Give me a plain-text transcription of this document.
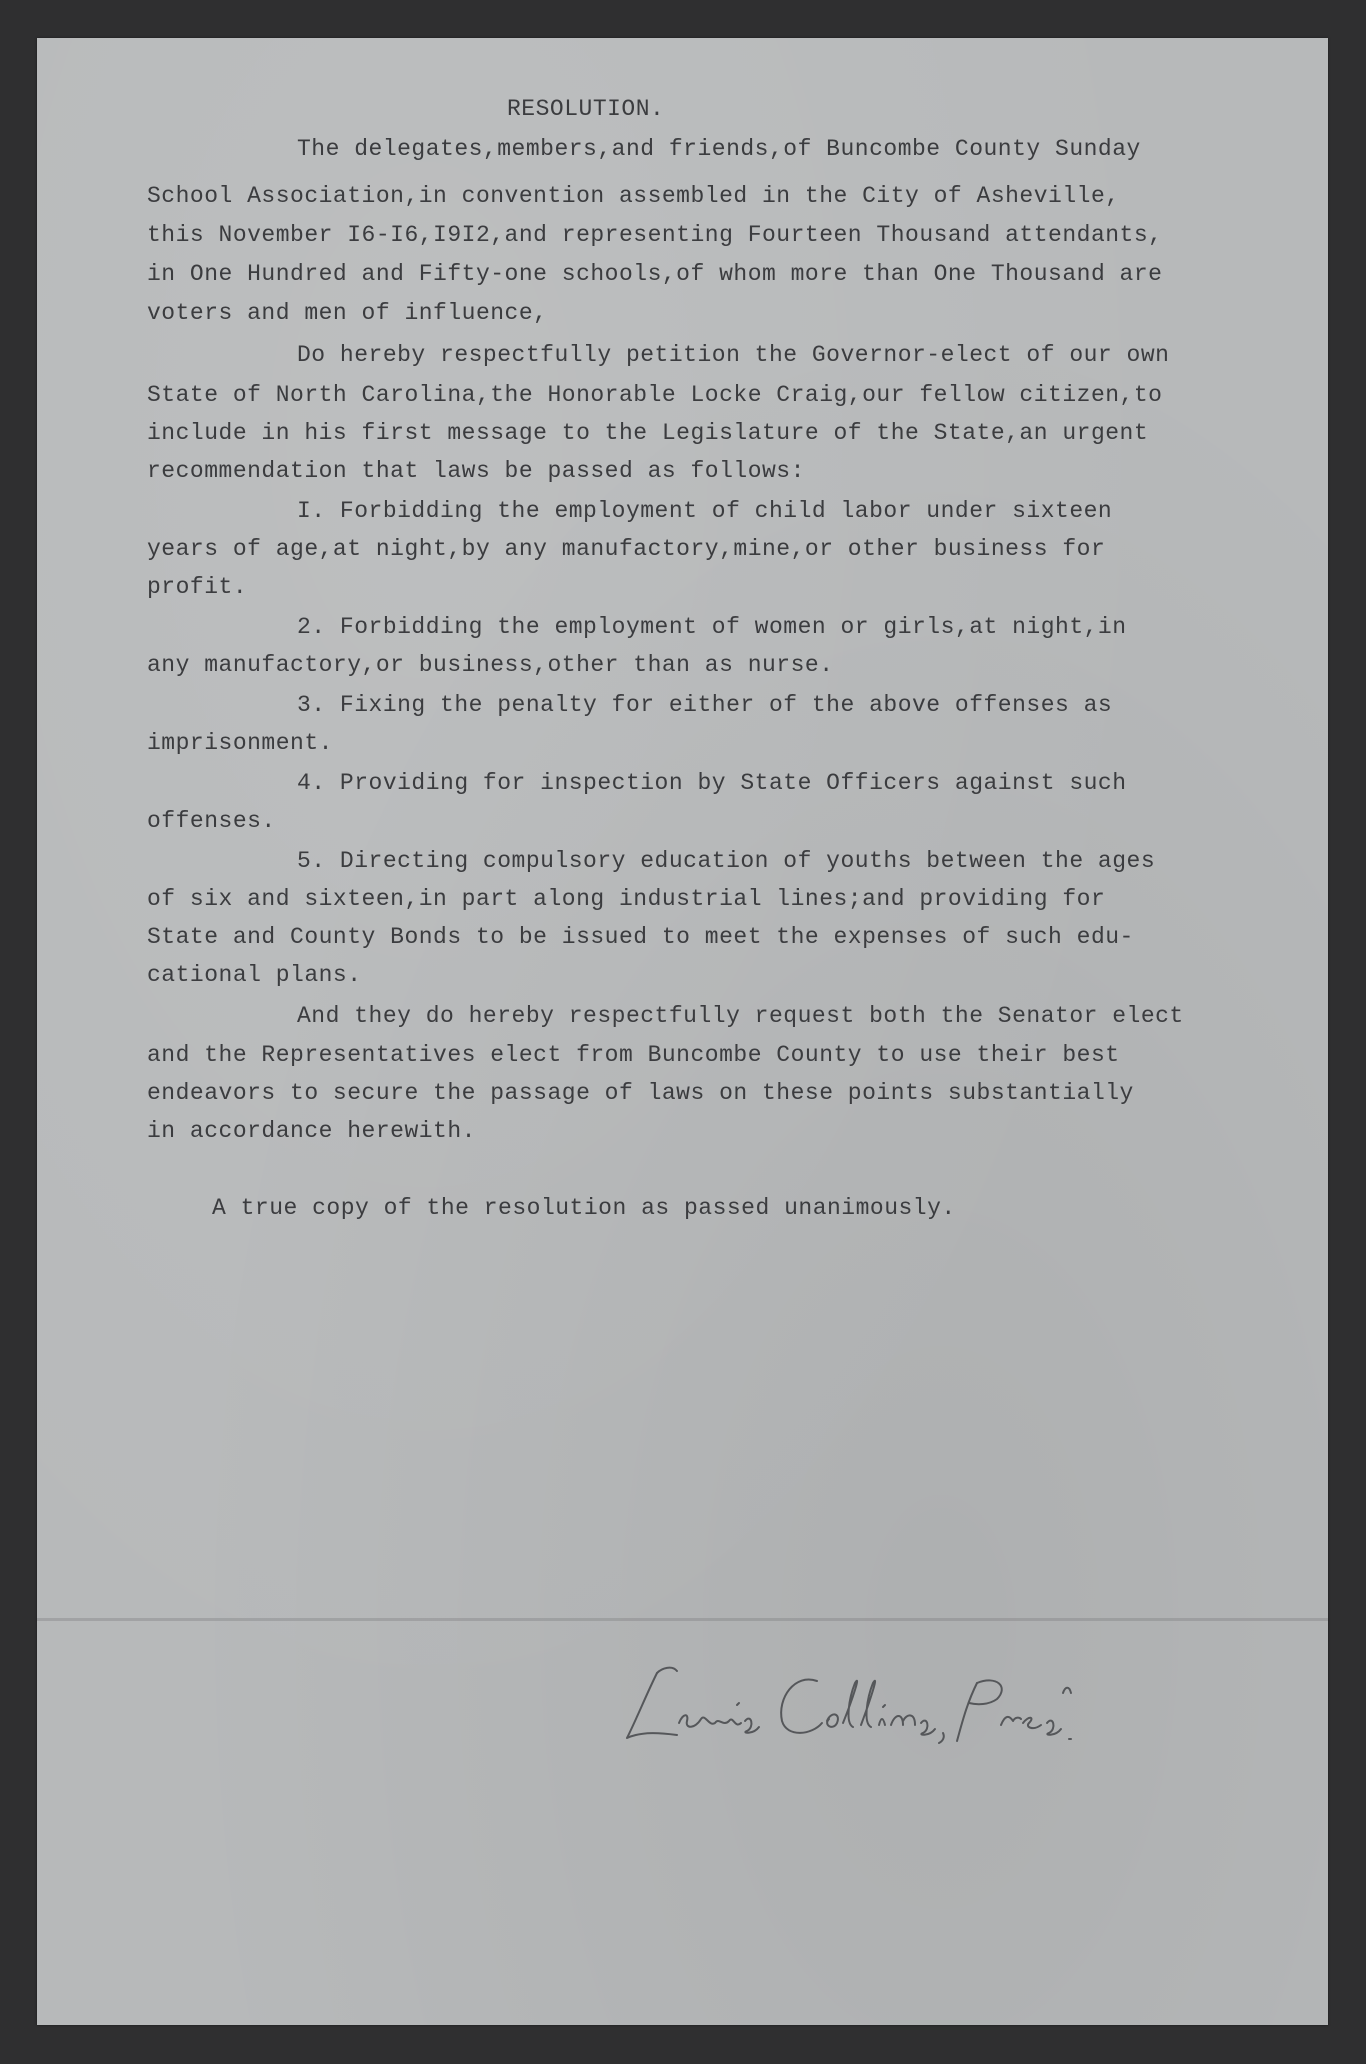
RESOLUTION.
The delegates,members,and friends,of Buncombe County Sunday
School Association,in convention assembled in the City of Asheville,
this November I6-I6,I9I2,and representing Fourteen Thousand attendants,
in One Hundred and Fifty-one schools,of whom more than One Thousand are
voters and men of influence,
Do hereby respectfully petition the Governor-elect of our own
State of North Carolina,the Honorable Locke Craig,our fellow citizen,to
include in his first message to the Legislature of the State,an urgent
recommendation that laws be passed as follows:
I. Forbidding the employment of child labor under sixteen
years of age,at night,by any manufactory,mine,or other business for
profit.
2. Forbidding the employment of women or girls,at night,in
any manufactory,or business,other than as nurse.
3. Fixing the penalty for either of the above offenses as
imprisonment.
4. Providing for inspection by State Officers against such
offenses.
5. Directing compulsory education of youths between the ages
of six and sixteen,in part along industrial lines;and providing for
State and County Bonds to be issued to meet the expenses of such edu-
cational plans.
And they do hereby respectfully request both the Senator elect
and the Representatives elect from Buncombe County to use their best
endeavors to secure the passage of laws on these points substantially
in accordance herewith.
A true copy of the resolution as passed unanimously.
